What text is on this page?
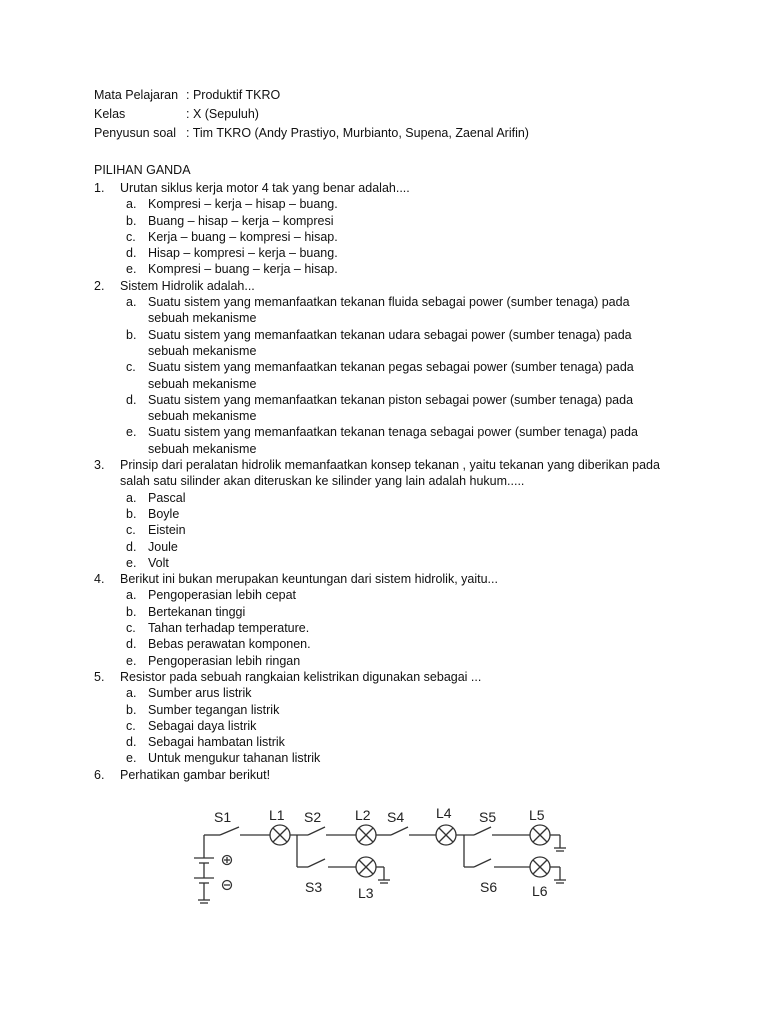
Mata Pelajaran : Produktif TKRO
Kelas	: X (Sepuluh)
Penyusun soal : Tim TKRO (Andy Prastiyo, Murbianto, Supena, Zaenal Arifin)
PILIHAN GANDA
1.	Urutan siklus kerja motor 4 tak yang benar adalah....
a. Kompresi – kerja – hisap – buang.
b. Buang – hisap – kerja – kompresi
c. Kerja – buang – kompresi – hisap.
d. Hisap – kompresi – kerja – buang.
e. Kompresi – buang – kerja – hisap.
2.	Sistem Hidrolik adalah...
a. Suatu sistem yang memanfaatkan tekanan fluida sebagai power (sumber tenaga) pada sebuah mekanisme
b. Suatu sistem yang memanfaatkan tekanan udara sebagai power (sumber tenaga) pada sebuah mekanisme
c. Suatu sistem yang memanfaatkan tekanan pegas sebagai power (sumber tenaga) pada sebuah mekanisme
d. Suatu sistem yang memanfaatkan tekanan piston sebagai power (sumber tenaga) pada sebuah mekanisme
e. Suatu sistem yang memanfaatkan tekanan tenaga sebagai power (sumber tenaga) pada sebuah mekanisme
3.	Prinsip dari peralatan hidrolik memanfaatkan konsep tekanan , yaitu tekanan yang diberikan pada salah satu silinder akan diteruskan ke silinder yang lain adalah hukum.....
a. Pascal
b. Boyle
c. Eistein
d. Joule
e. Volt
4.	Berikut ini bukan merupakan keuntungan dari sistem hidrolik, yaitu...
a. Pengoperasian lebih cepat
b. Bertekanan tinggi
c. Tahan terhadap temperature.
d. Bebas perawatan komponen.
e. Pengoperasian lebih ringan
5.	Resistor pada sebuah rangkaian kelistrikan digunakan sebagai ...
a. Sumber arus listrik
b. Sumber tegangan listrik
c. Sebagai daya listrik
d. Sebagai hambatan listrik
e. Untuk mengukur tahanan listrik
6.	Perhatikan gambar berikut!
S1	L1 S2 L2 S4 L4 S5 L5
S3	L3	S6 L6
